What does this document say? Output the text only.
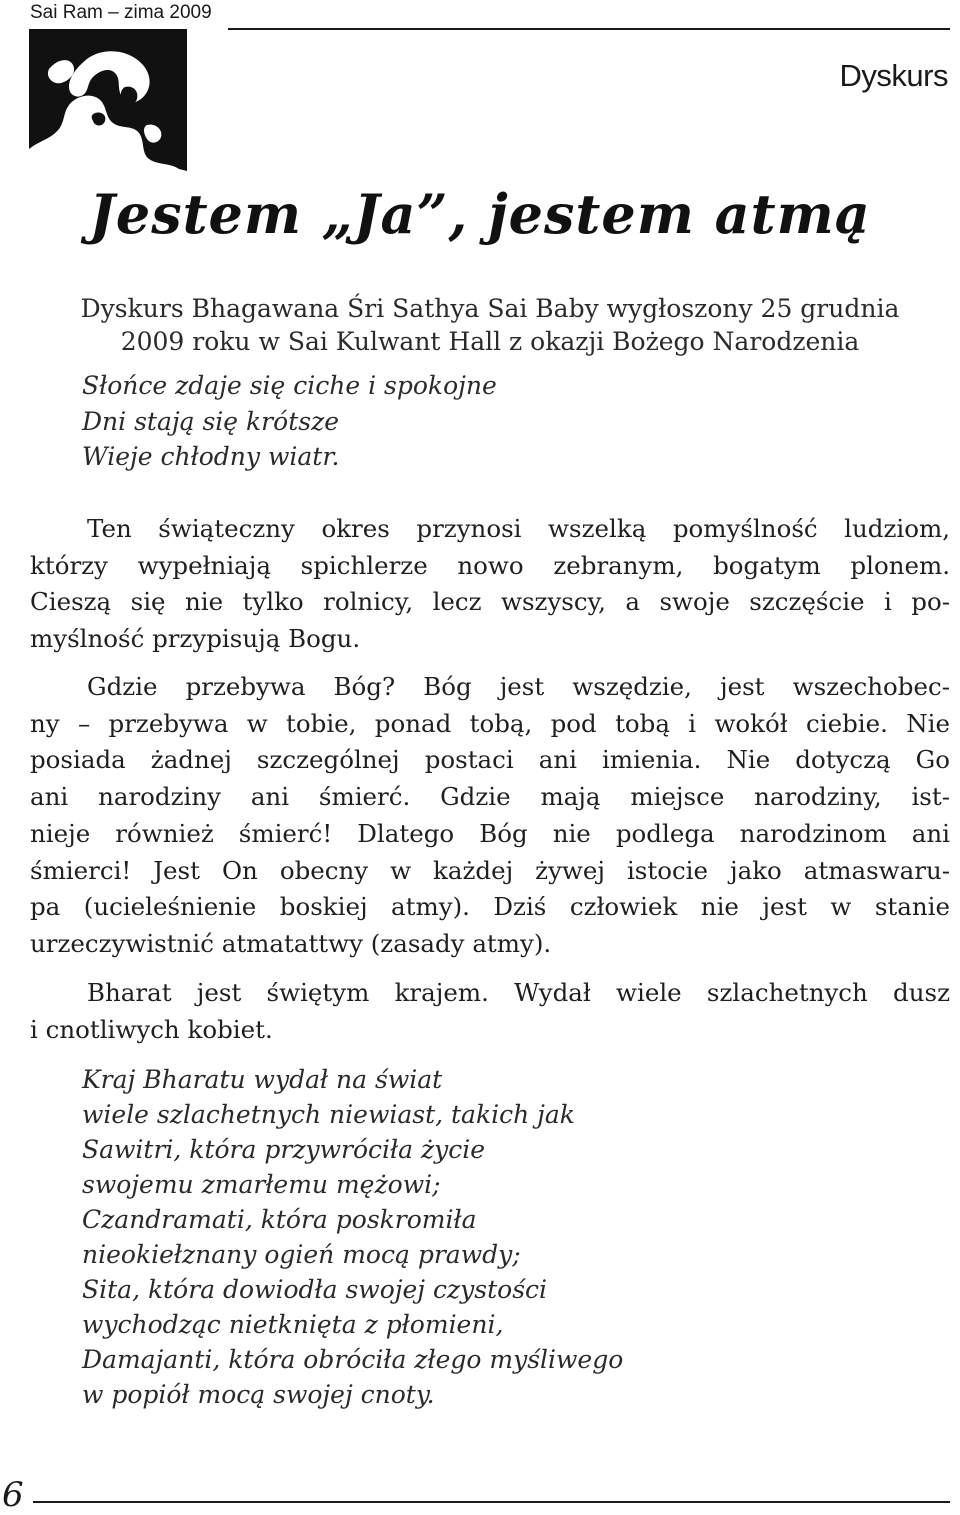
Sai Ram – zima 2009
Dyskurs
Jestem „Ja”, jestem atmą
Dyskurs Bhagawana Śri Sathya Sai Baby wygłoszony 25 grudnia
2009 roku w Sai Kulwant Hall z okazji Bożego Narodzenia
Słońce zdaje się ciche i spokojne
Dni stają się krótsze
Wieje chłodny wiatr.
Ten świąteczny okres przynosi wszelką pomyślność ludziom,
którzy wypełniają spichlerze nowo zebranym, bogatym plonem.
Cieszą się nie tylko rolnicy, lecz wszyscy, a swoje szczęście i po-
myślność przypisują Bogu.
Gdzie przebywa Bóg? Bóg jest wszędzie, jest wszechobec-
ny – przebywa w tobie, ponad tobą, pod tobą i wokół ciebie. Nie
posiada żadnej szczególnej postaci ani imienia. Nie dotyczą Go
ani narodziny ani śmierć. Gdzie mają miejsce narodziny, ist-
nieje również śmierć! Dlatego Bóg nie podlega narodzinom ani
śmierci! Jest On obecny w każdej żywej istocie jako atmaswaru-
pa (ucieleśnienie boskiej atmy). Dziś człowiek nie jest w stanie
urzeczywistnić atmatattwy (zasady atmy).
Bharat jest świętym krajem. Wydał wiele szlachetnych dusz
i cnotliwych kobiet.
Kraj Bharatu wydał na świat
wiele szlachetnych niewiast, takich jak
Sawitri, która przywróciła życie
swojemu zmarłemu mężowi;
Czandramati, która poskromiła
nieokiełznany ogień mocą prawdy;
Sita, która dowiodła swojej czystości
wychodząc nietknięta z płomieni,
Damajanti, która obróciła złego myśliwego
w popiół mocą swojej cnoty.
6
